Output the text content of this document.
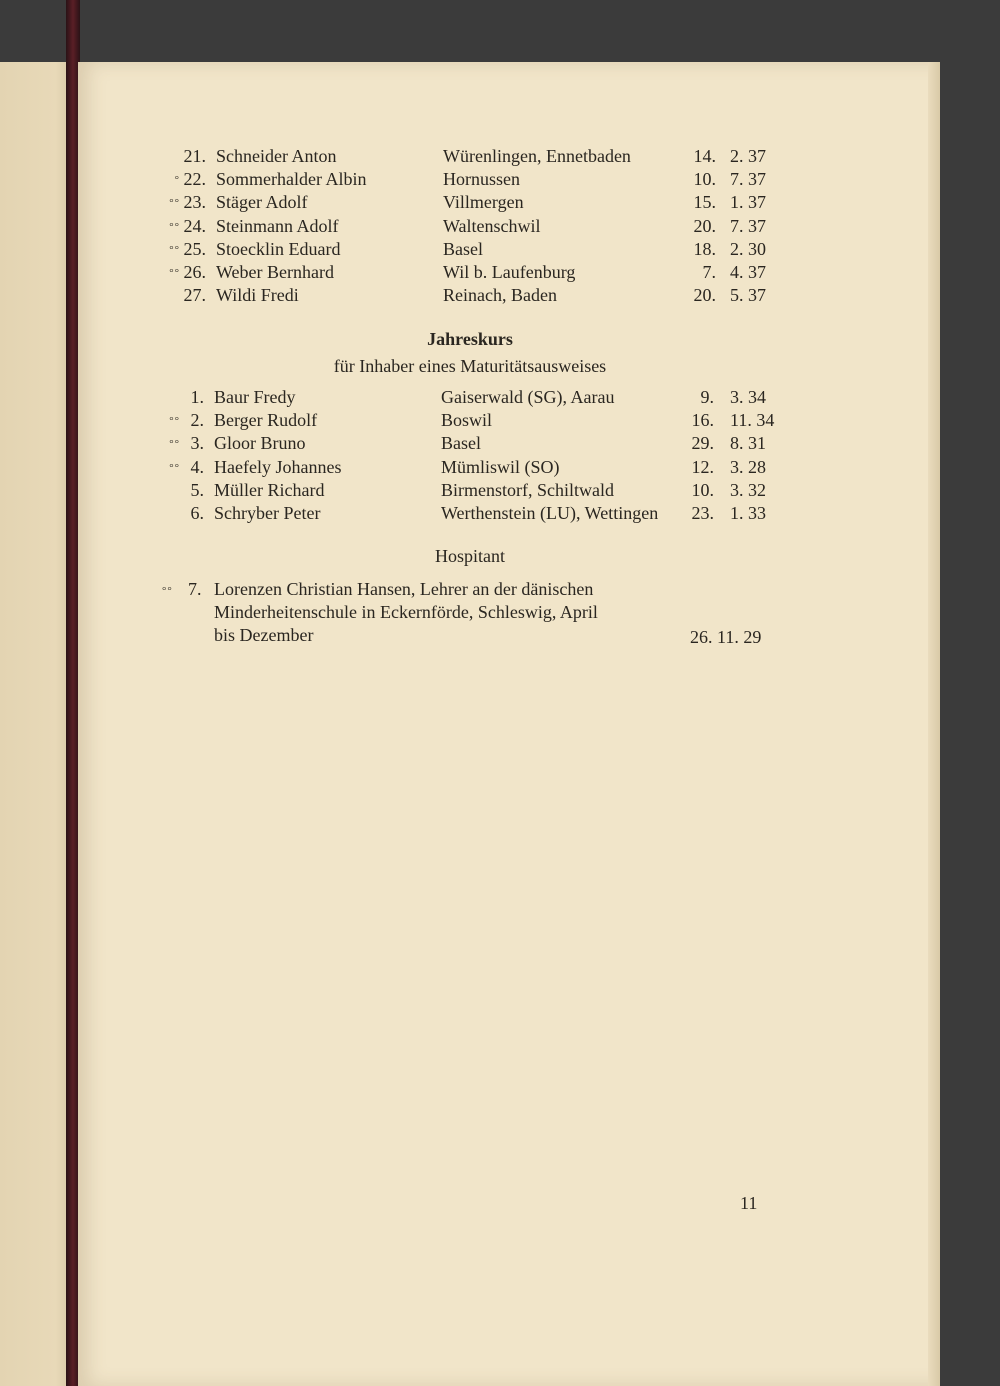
21. Schneider Anton	Würenlingen, Ennetbaden	14. 2. 37
° 22. Sommerhalder Albin	Hornussen	10. 7. 37
°° 23. Stäger Adolf	Villmergen	15. 1. 37
°° 24. Steinmann Adolf	Waltenschwil	20. 7. 37
°° 25. Stoecklin Eduard	Basel	18. 2. 30
°° 26. Weber Bernhard	Wil b. Laufenburg	7. 4. 37
27. Wildi Fredi	Reinach, Baden	20. 5. 37
Jahreskurs
für Inhaber eines Maturitätsausweises
1. Baur Fredy	Gaiserwald (SG), Aarau	9. 3. 34
°° 2. Berger Rudolf	Boswil	16. 11. 34
°° 3. Gloor Bruno	Basel	29. 8. 31
°° 4. Haefely Johannes	Mümliswil (SO)	12. 3. 28
5. Müller Richard	Birmenstorf, Schiltwald	10. 3. 32
6. Schryber Peter	Werthenstein (LU), Wettingen	23. 1. 33
Hospitant
°° 7. Lorenzen Christian Hansen, Lehrer an der dänischen
Minderheitenschule in Eckernförde, Schleswig, April
bis Dezember	26. 11. 29
11
